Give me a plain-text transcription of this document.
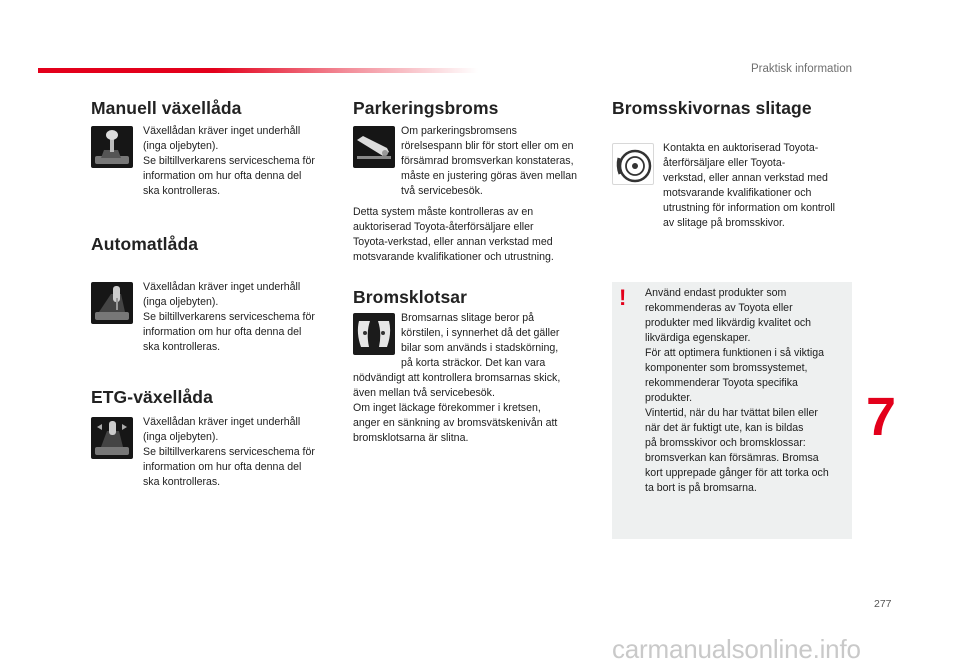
Praktisk information
Manuell växellåda
Växellådan kräver inget underhåll
(inga oljebyten).
Se biltillverkarens serviceschema för
information om hur ofta denna del
ska kontrolleras.
Automatlåda
Växellådan kräver inget underhåll
(inga oljebyten).
Se biltillverkarens serviceschema för
information om hur ofta denna del
ska kontrolleras.
ETG-växellåda
Växellådan kräver inget underhåll
(inga oljebyten).
Se biltillverkarens serviceschema för
information om hur ofta denna del
ska kontrolleras.
Parkeringsbroms
Om parkeringsbromsens
rörelsespann blir för stort eller om en
försämrad bromsverkan konstateras,
måste en justering göras även mellan
två servicebesök.
Detta system måste kontrolleras av en
auktoriserad Toyota-återförsäljare eller
Toyota-verkstad, eller annan verkstad med
motsvarande kvalifikationer och utrustning.
Bromsklotsar
Bromsarnas slitage beror på
körstilen, i synnerhet då det gäller
bilar som används i stadskörning,
på korta sträckor. Det kan vara
nödvändigt att kontrollera bromsarnas skick,
även mellan två servicebesök.
Om inget läckage förekommer i kretsen,
anger en sänkning av bromsvätskenivån att
bromsklotsarna är slitna.
Bromsskivornas slitage
Kontakta en auktoriserad Toyota-
återförsäljare eller Toyota-
verkstad, eller annan verkstad med
motsvarande kvalifikationer och
utrustning för information om kontroll
av slitage på bromsskivor.
! Använd endast produkter som
rekommenderas av Toyota eller
produkter med likvärdig kvalitet och
likvärdiga egenskaper.
För att optimera funktionen i så viktiga
komponenter som bromssystemet,
rekommenderar Toyota specifika
produkter.
Vintertid, när du har tvättat bilen eller
när det är fuktigt ute, kan is bildas
på bromsskivor och bromsklossar:
bromsverkan kan försämras. Bromsa
kort upprepade gånger för att torka och
ta bort is på bromsarna.
7
277
carmanualsonline.info
